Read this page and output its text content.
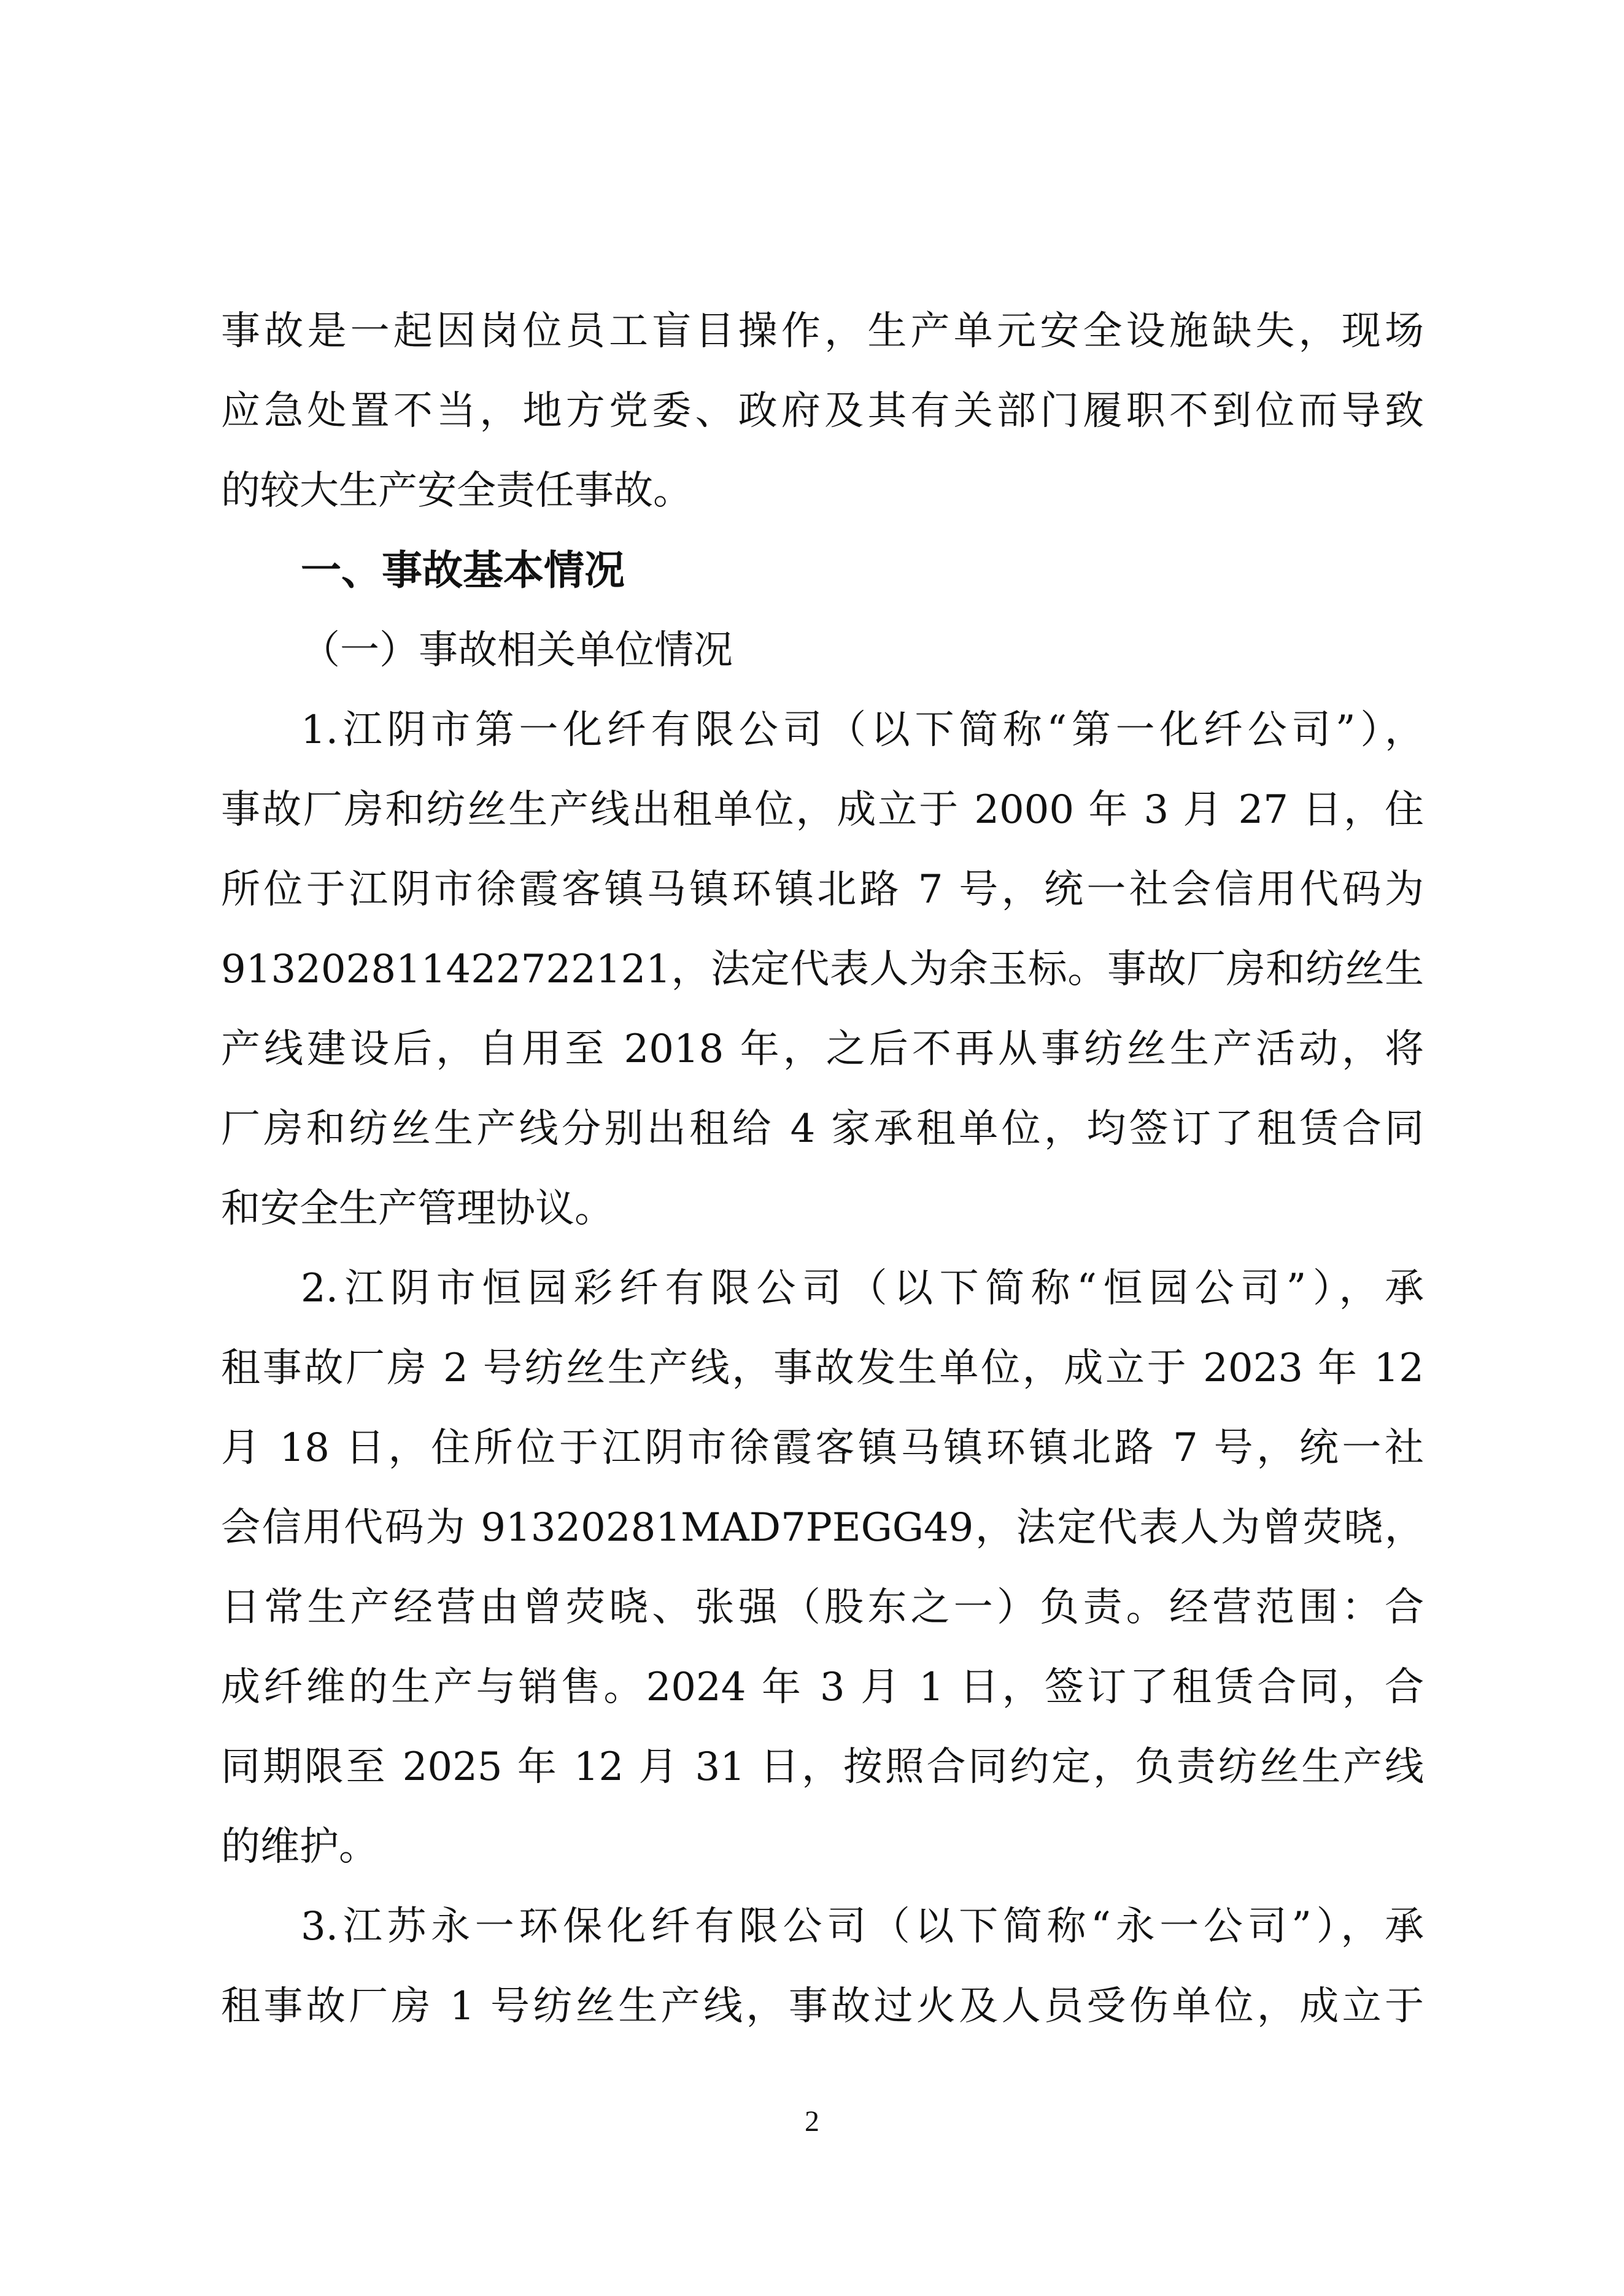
事故是一起因岗位员工盲目操作，生产单元安全设施缺失，现场
应急处置不当，地方党委、政府及其有关部门履职不到位而导致
的较大生产安全责任事故。
一、事故基本情况
（一）事故相关单位情况
1.江阴市第一化纤有限公司（以下简称“第一化纤公司”），
事故厂房和纺丝生产线出租单位，成立于 2000 年 3 月 27 日，住
所位于江阴市徐霞客镇马镇环镇北路 7 号，统一社会信用代码为
913202811422722121，法定代表人为余玉标。事故厂房和纺丝生
产线建设后，自用至 2018 年，之后不再从事纺丝生产活动，将
厂房和纺丝生产线分别出租给 4 家承租单位，均签订了租赁合同
和安全生产管理协议。
2.江阴市恒园彩纤有限公司（以下简称“恒园公司”），承
租事故厂房 2 号纺丝生产线，事故发生单位，成立于 2023 年 12
月 18 日，住所位于江阴市徐霞客镇马镇环镇北路 7 号，统一社
会信用代码为 91320281MAD7PEGG49，法定代表人为曾荧晓，
日常生产经营由曾荧晓、张强（股东之一）负责。经营范围：合
成纤维的生产与销售。2024 年 3 月 1 日，签订了租赁合同，合
同期限至 2025 年 12 月 31 日，按照合同约定，负责纺丝生产线
的维护。
3.江苏永一环保化纤有限公司（以下简称“永一公司”），承
租事故厂房 1 号纺丝生产线，事故过火及人员受伤单位，成立于
2
